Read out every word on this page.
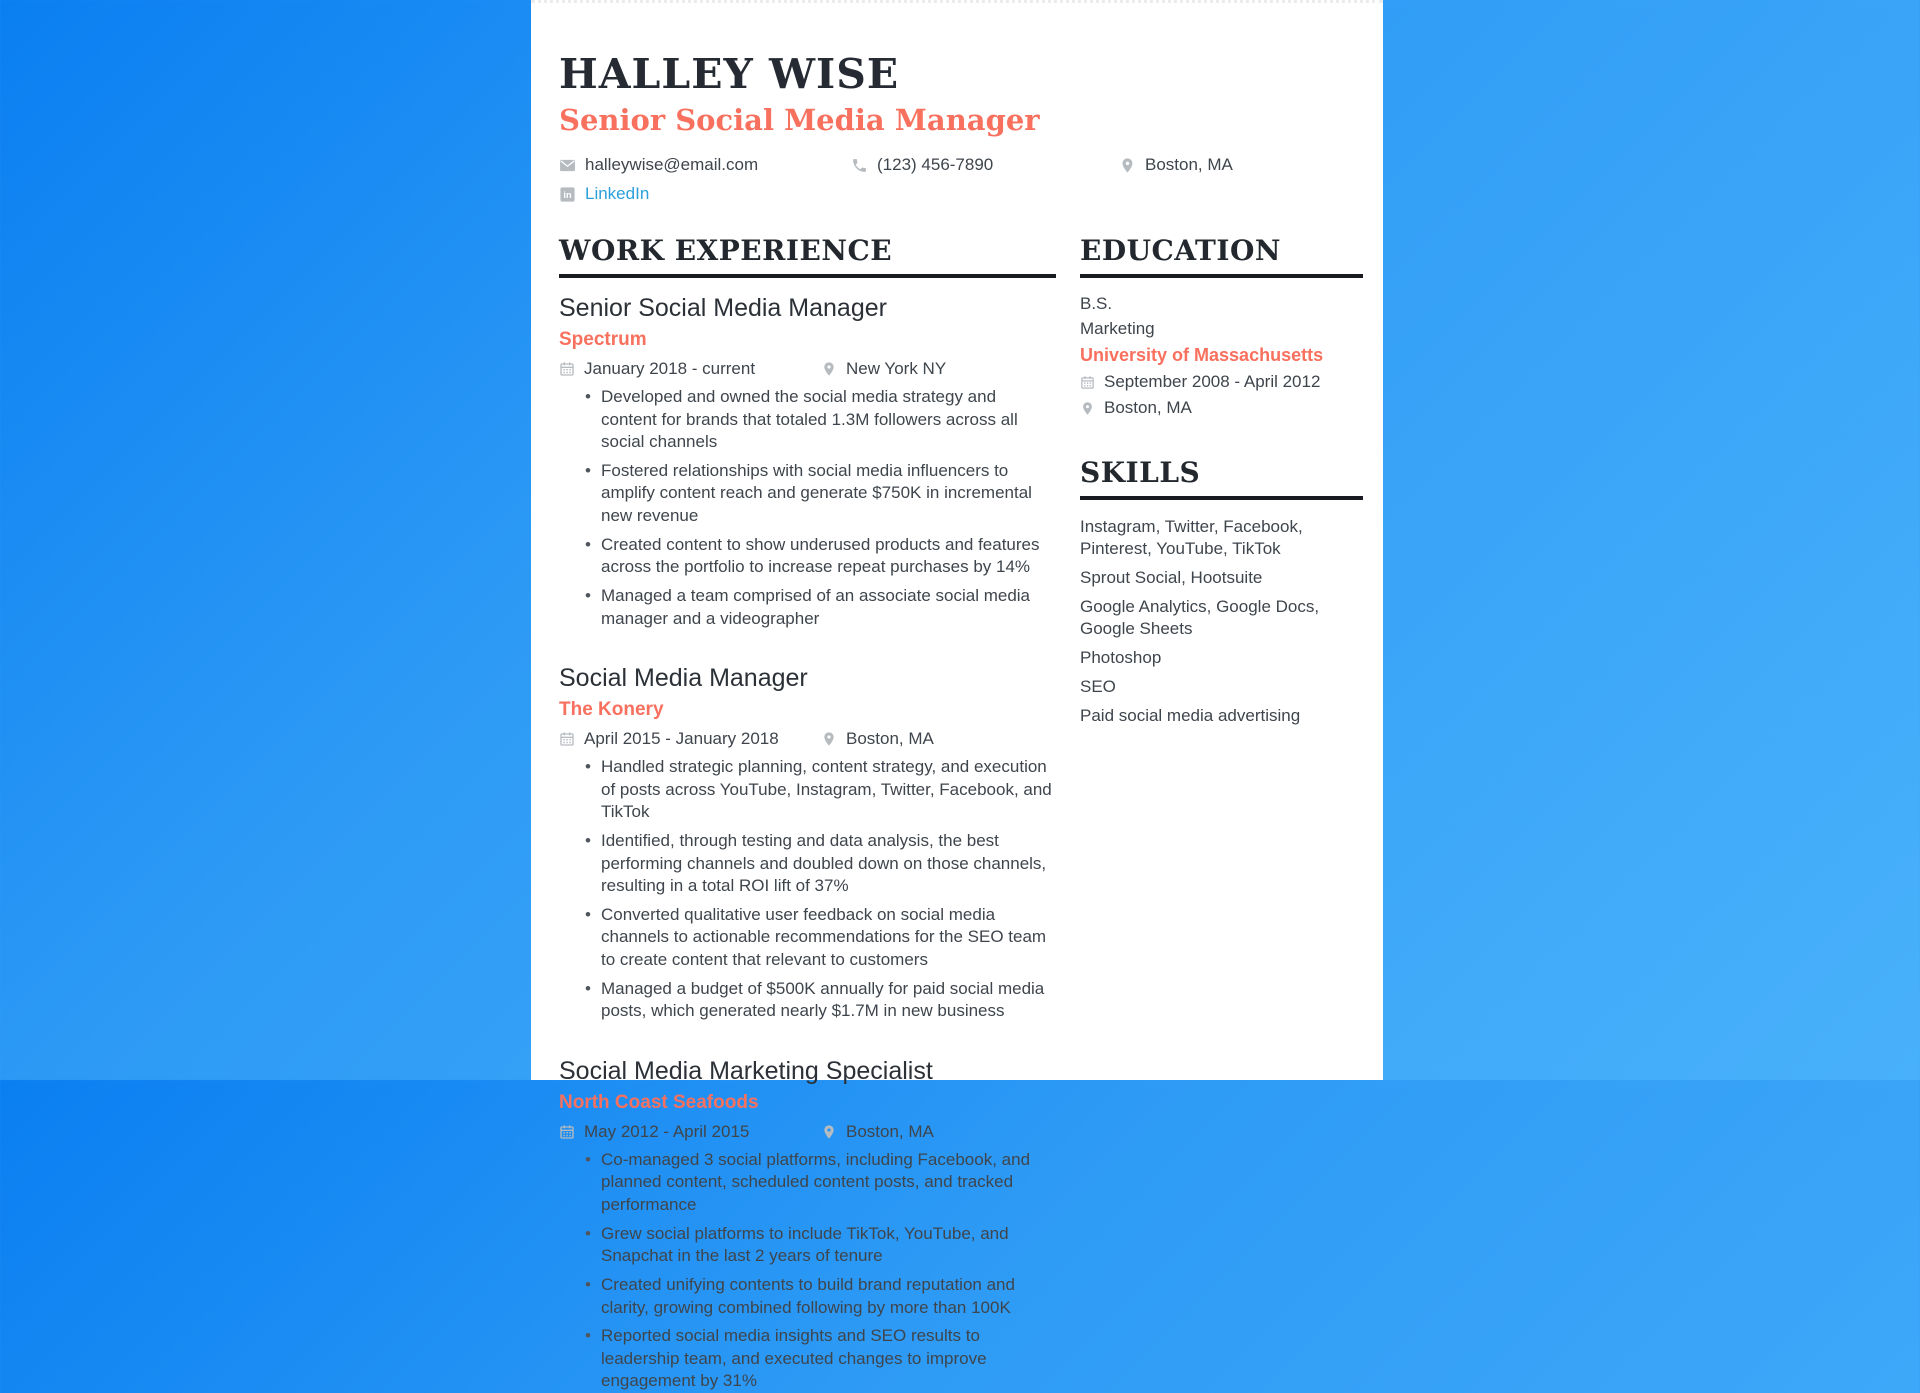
HALLEY WISE
Senior Social Media Manager
halleywise@email.com	(123) 456-7890	Boston, MA
LinkedIn
WORK EXPERIENCE
Senior Social Media Manager
Spectrum
January 2018 - current	New York NY
• Developed and owned the social media strategy and content for brands that totaled 1.3M followers across all social channels
• Fostered relationships with social media influencers to amplify content reach and generate $750K in incremental new revenue
• Created content to show underused products and features across the portfolio to increase repeat purchases by 14%
• Managed a team comprised of an associate social media manager and a videographer
Social Media Manager
The Konery
April 2015 - January 2018	Boston, MA
• Handled strategic planning, content strategy, and execution of posts across YouTube, Instagram, Twitter, Facebook, and TikTok
• Identified, through testing and data analysis, the best performing channels and doubled down on those channels, resulting in a total ROI lift of 37%
• Converted qualitative user feedback on social media channels to actionable recommendations for the SEO team to create content that relevant to customers
• Managed a budget of $500K annually for paid social media posts, which generated nearly $1.7M in new business
Social Media Marketing Specialist
North Coast Seafoods
May 2012 - April 2015	Boston, MA
• Co-managed 3 social platforms, including Facebook, and planned content, scheduled content posts, and tracked performance
• Grew social platforms to include TikTok, YouTube, and Snapchat in the last 2 years of tenure
• Created unifying contents to build brand reputation and clarity, growing combined following by more than 100K
• Reported social media insights and SEO results to leadership team, and executed changes to improve engagement by 31%
EDUCATION
B.S.
Marketing
University of Massachusetts
September 2008 - April 2012
Boston, MA
SKILLS
Instagram, Twitter, Facebook, Pinterest, YouTube, TikTok
Sprout Social, Hootsuite
Google Analytics, Google Docs, Google Sheets
Photoshop
SEO
Paid social media advertising
